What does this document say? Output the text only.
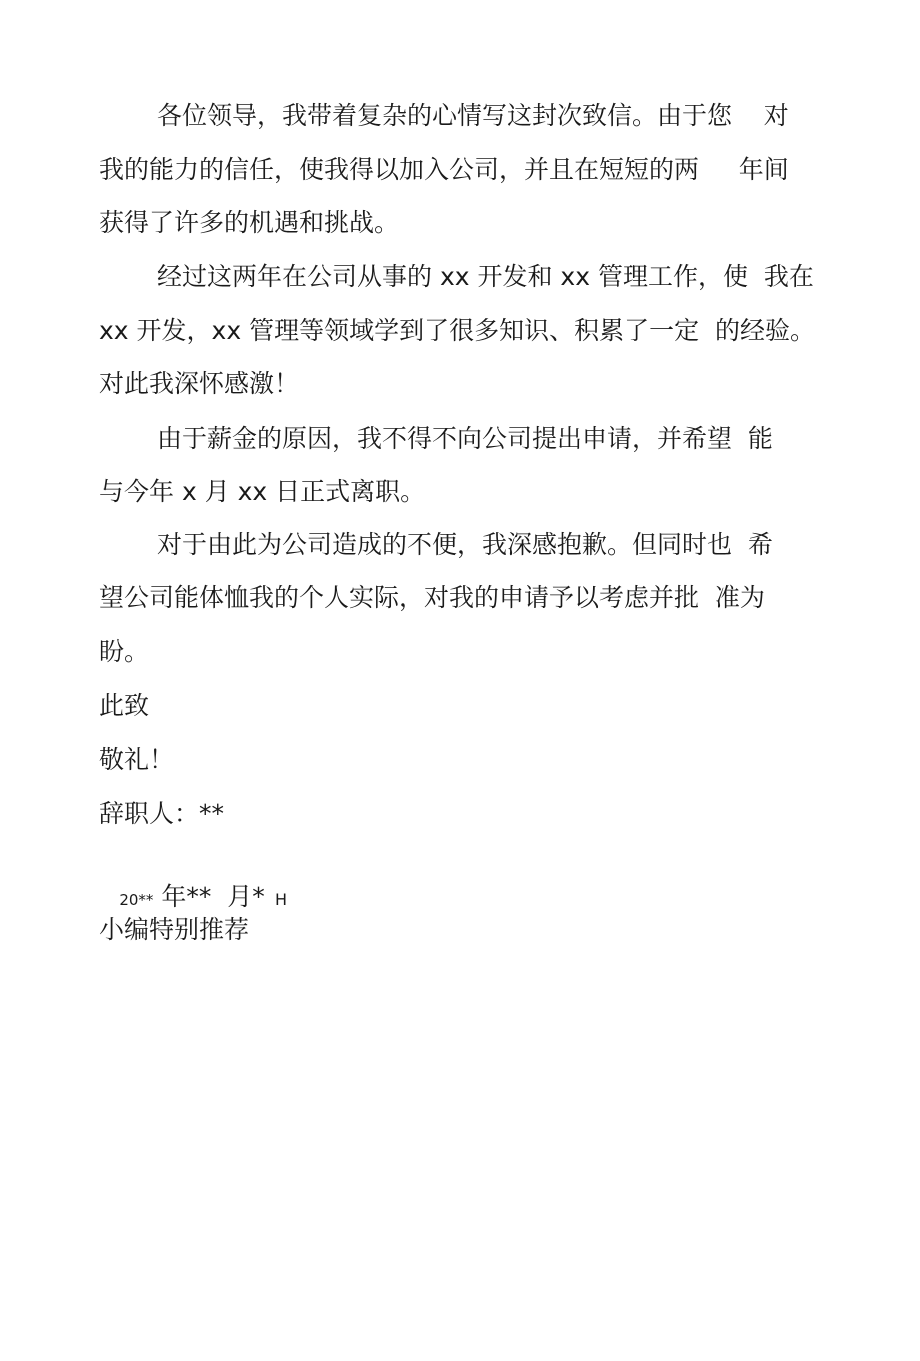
各位领导，我带着复杂的心情写这封次致信。由于您    对
我的能力的信任，使我得以加入公司，并且在短短的两     年间
获得了许多的机遇和挑战。
经过这两年在公司从事的 xx 开发和 xx 管理工作，使  我在
xx 开发，xx 管理等领域学到了很多知识、积累了一定  的经验。
对此我深怀感激！
由于薪金的原因，我不得不向公司提出申请，并希望  能
与今年 x 月 xx 日正式离职。
对于由此为公司造成的不便，我深感抱歉。但同时也  希
望公司能体恤我的个人实际，对我的申请予以考虑并批  准为
盼。
此致
敬礼！
辞职人：**

20** 年**  月*  H

小编特别推荐
